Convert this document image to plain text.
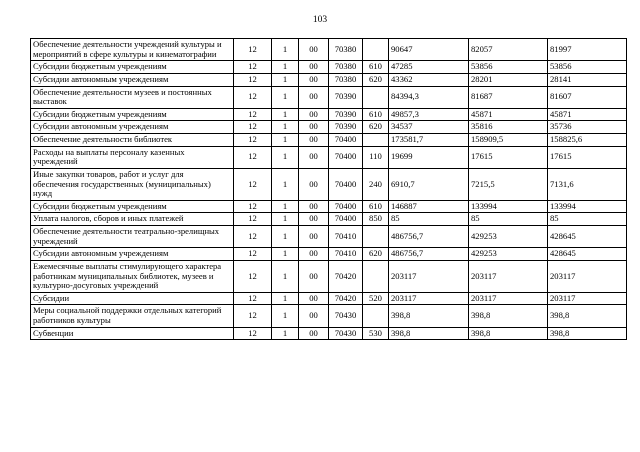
103
Обеспечение деятельности учреждений культуры и мероприятий в сфере культуры и кинематографии	12	1	00	70380		90647	82057	81997
Субсидии бюджетным учреждениям	12	1	00	70380	610	47285	53856	53856
Субсидии автономным учреждениям	12	1	00	70380	620	43362	28201	28141
Обеспечение деятельности музеев и постоянных выставок	12	1	00	70390		84394,3	81687	81607
Субсидии бюджетным учреждениям	12	1	00	70390	610	49857,3	45871	45871
Субсидии автономным учреждениям	12	1	00	70390	620	34537	35816	35736
Обеспечение деятельности библиотек	12	1	00	70400		173581,7	158909,5	158825,6
Расходы на выплаты персоналу казенных учреждений	12	1	00	70400	110	19699	17615	17615
Иные закупки товаров, работ и услуг для обеспечения государственных (муниципальных) нужд	12	1	00	70400	240	6910,7	7215,5	7131,6
Субсидии бюджетным учреждениям	12	1	00	70400	610	146887	133994	133994
Уплата налогов, сборов и иных платежей	12	1	00	70400	850	85	85	85
Обеспечение деятельности театрально-зрелищных учреждений	12	1	00	70410		486756,7	429253	428645
Субсидии автономным учреждениям	12	1	00	70410	620	486756,7	429253	428645
Ежемесячные выплаты стимулирующего характера работникам муниципальных библиотек, музеев и культурно-досуговых учреждений	12	1	00	70420		203117	203117	203117
Субсидии	12	1	00	70420	520	203117	203117	203117
Меры социальной поддержки отдельных категорий работников культуры	12	1	00	70430		398,8	398,8	398,8
Субвенции	12	1	00	70430	530	398,8	398,8	398,8
